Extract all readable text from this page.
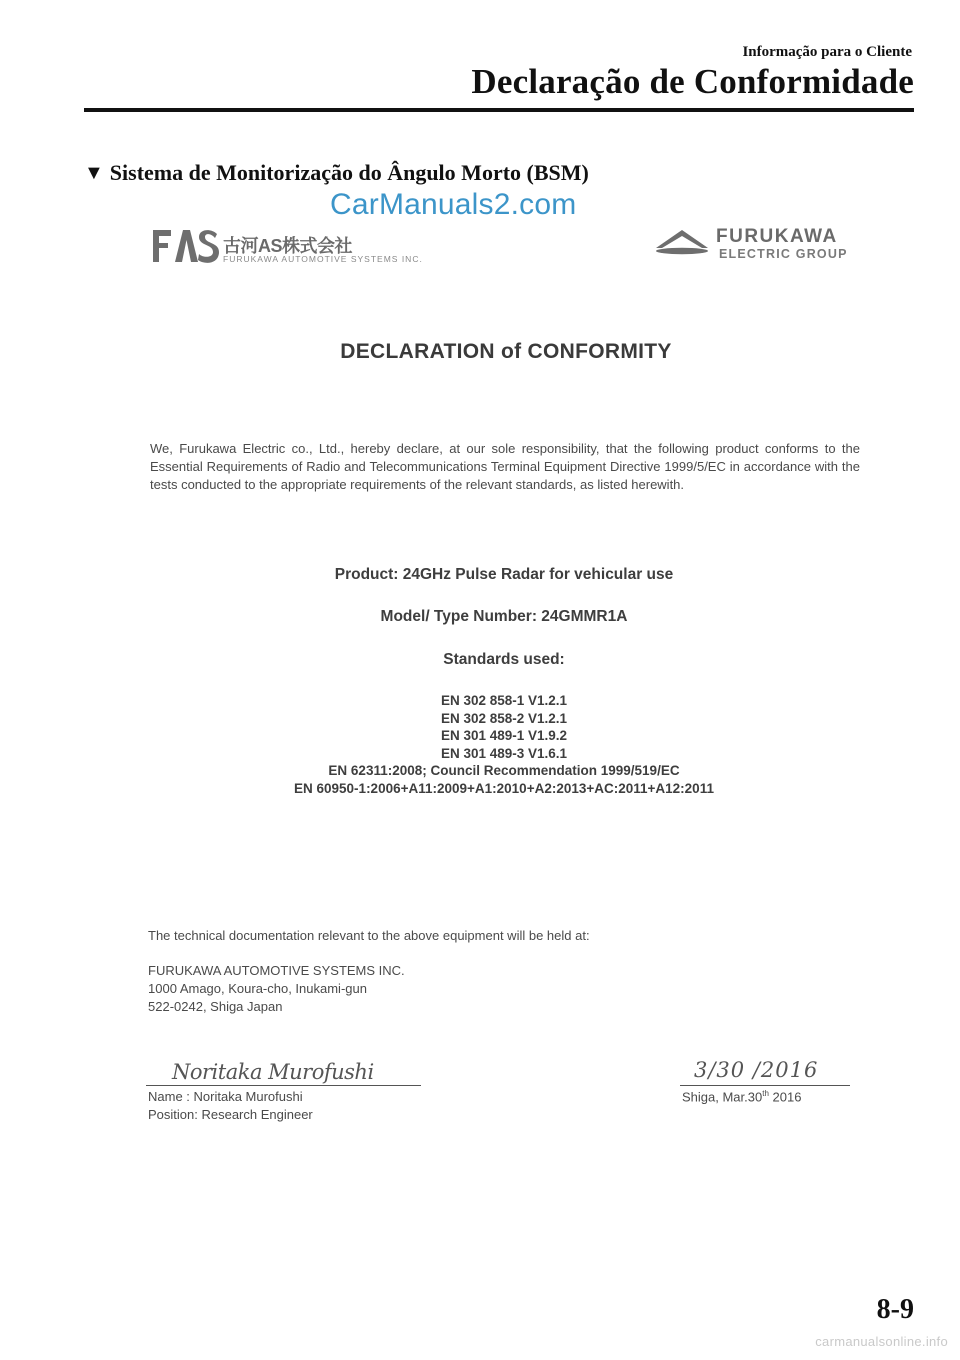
Informação para o Cliente
Declaração de Conformidade
▼ Sistema de Monitorização do Ângulo Morto (BSM)
CarManuals2.com
古河AS株式会社
FURUKAWA AUTOMOTIVE SYSTEMS INC.
FURUKAWA
ELECTRIC GROUP
DECLARATION of CONFORMITY
We, Furukawa Electric co., Ltd., hereby declare, at our sole responsibility, that the following product conforms to the Essential Requirements of Radio and Telecommunications Terminal Equipment Directive 1999/5/EC in accordance with the tests conducted to the appropriate requirements of the relevant standards, as listed herewith.
Product: 24GHz Pulse Radar for vehicular use
Model/ Type Number: 24GMMR1A
Standards used:
EN 302 858-1 V1.2.1
EN 302 858-2 V1.2.1
EN 301 489-1 V1.9.2
EN 301 489-3 V1.6.1
EN 62311:2008; Council Recommendation 1999/519/EC
EN 60950-1:2006+A11:2009+A1:2010+A2:2013+AC:2011+A12:2011
The technical documentation relevant to the above equipment will be held at:
FURUKAWA AUTOMOTIVE SYSTEMS INC.
1000 Amago, Koura-cho, Inukami-gun
522-0242, Shiga Japan
Noritaka Murofushi
Name : Noritaka Murofushi
Position: Research Engineer
3/30 /2016
Shiga, Mar.30th 2016
8-9
carmanualsonline.info
